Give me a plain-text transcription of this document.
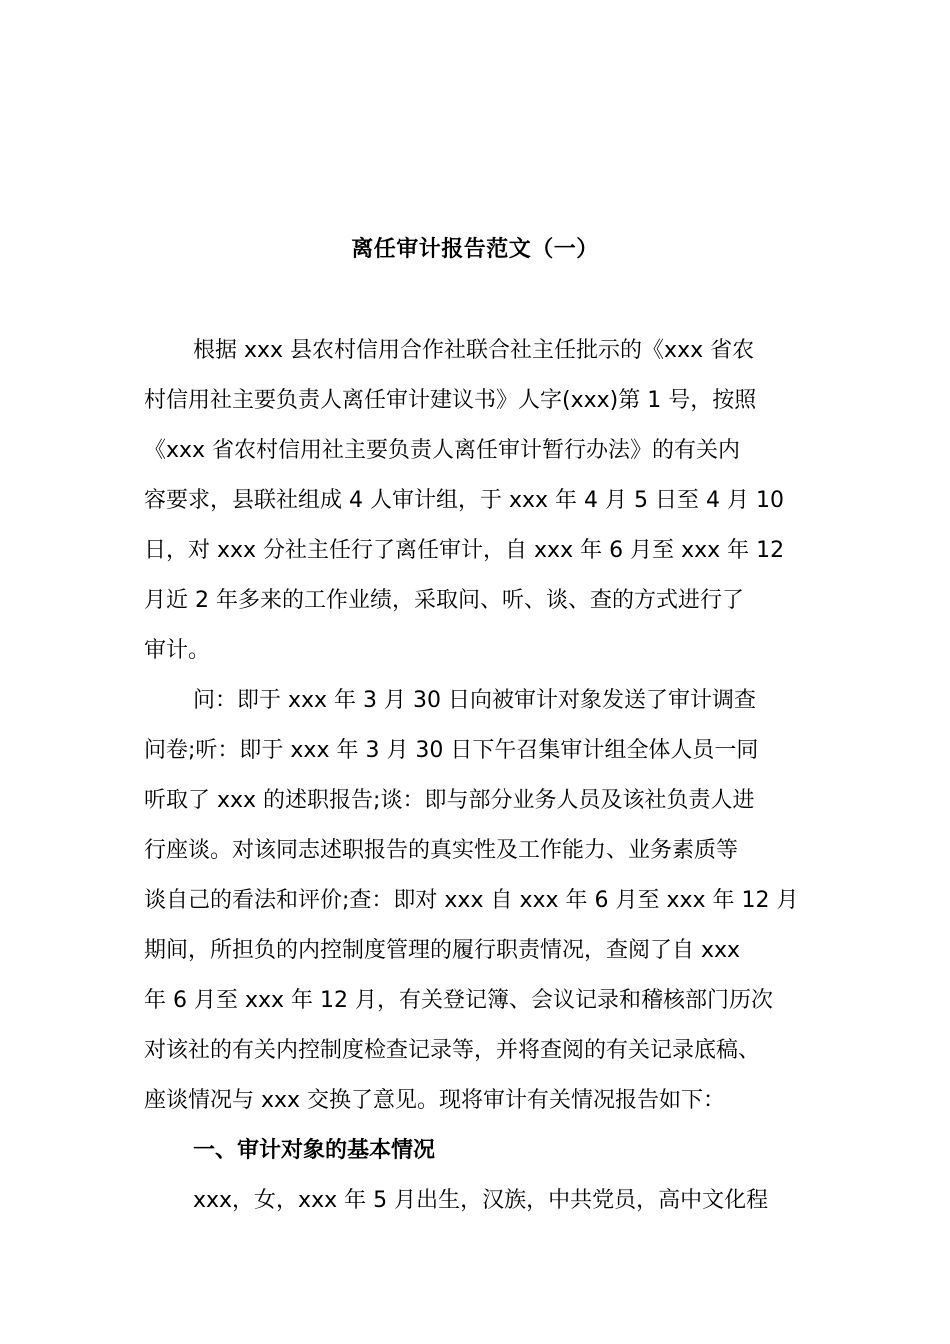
离任审计报告范文（一）
根据 xxx 县农村信用合作社联合社主任批示的《xxx 省农
村信用社主要负责人离任审计建议书》人字(xxx)第 1 号，按照
《xxx 省农村信用社主要负责人离任审计暂行办法》的有关内
容要求，县联社组成 4 人审计组，于 xxx 年 4 月 5 日至 4 月 10
日，对 xxx 分社主任行了离任审计，自 xxx 年 6 月至 xxx 年 12
月近 2 年多来的工作业绩，采取问、听、谈、查的方式进行了
审计。
问：即于 xxx 年 3 月 30 日向被审计对象发送了审计调查
问卷;听：即于 xxx 年 3 月 30 日下午召集审计组全体人员一同
听取了 xxx 的述职报告;谈：即与部分业务人员及该社负责人进
行座谈。对该同志述职报告的真实性及工作能力、业务素质等
谈自己的看法和评价;查：即对 xxx 自 xxx 年 6 月至 xxx 年 12 月
期间，所担负的内控制度管理的履行职责情况，查阅了自 xxx
年 6 月至 xxx 年 12 月，有关登记簿、会议记录和稽核部门历次
对该社的有关内控制度检查记录等，并将查阅的有关记录底稿、
座谈情况与 xxx 交换了意见。现将审计有关情况报告如下：
一、审计对象的基本情况
xxx，女，xxx 年 5 月出生，汉族，中共党员，高中文化程
